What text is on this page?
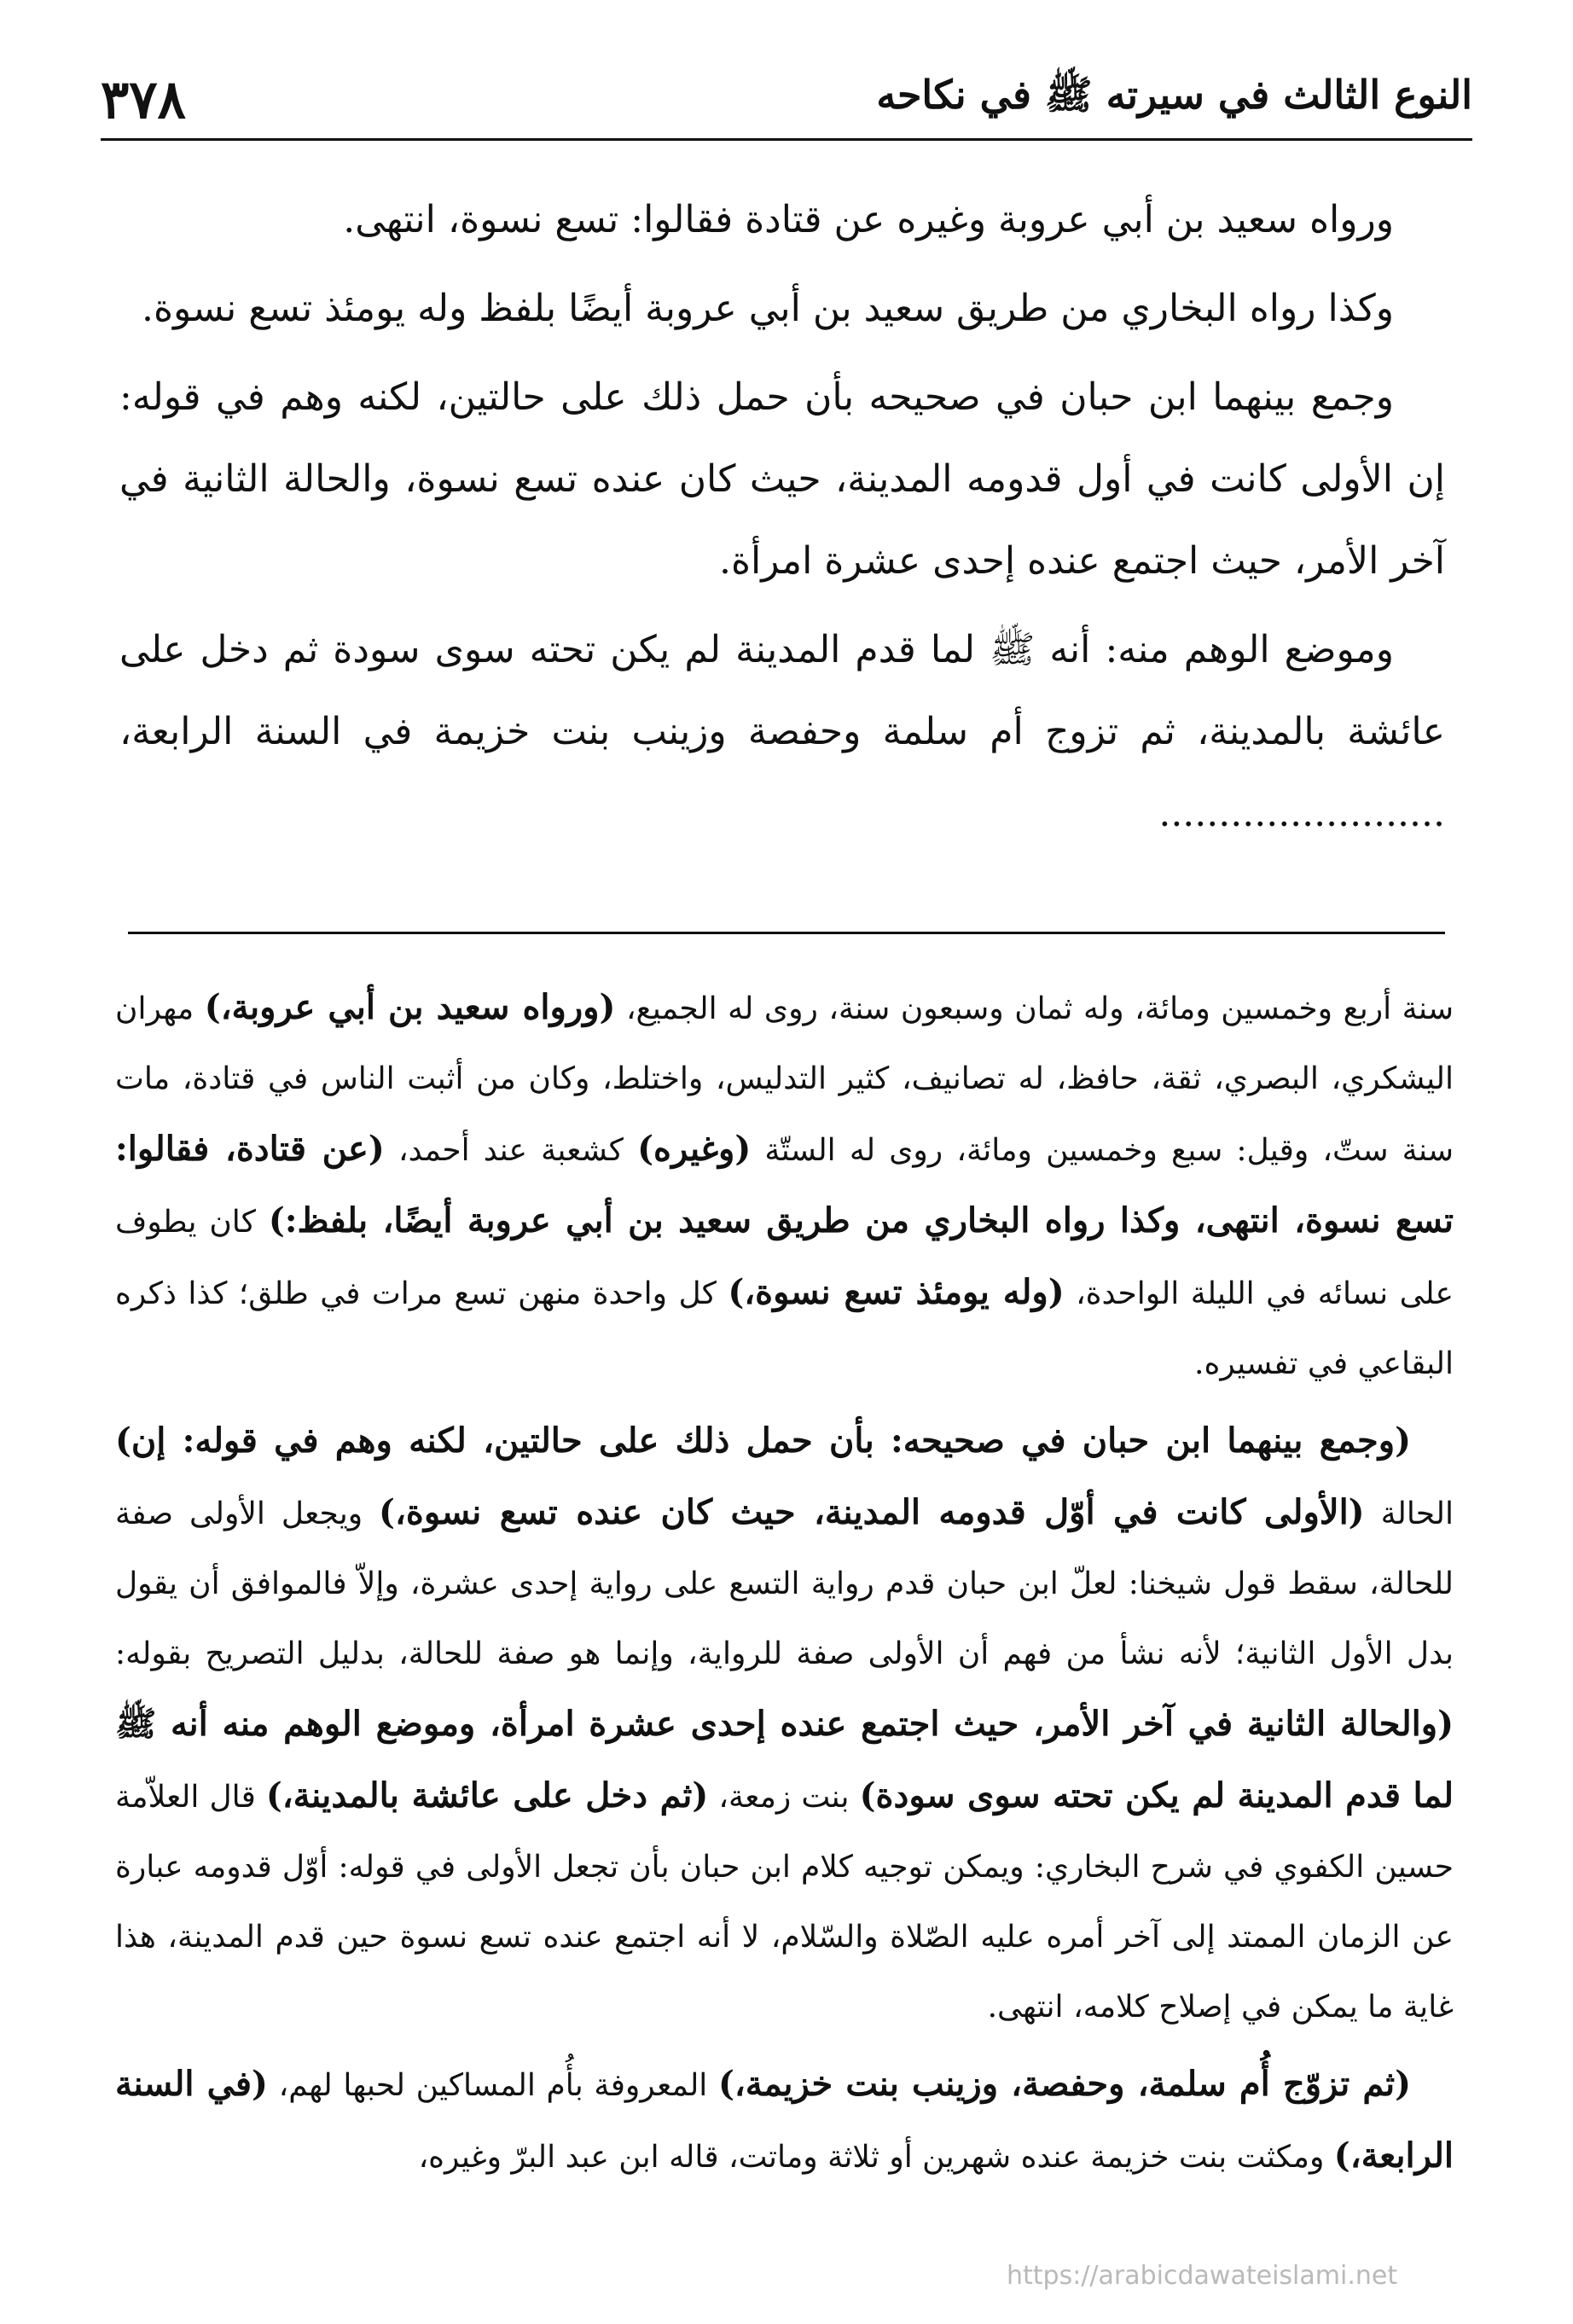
النوع الثالث في سيرته ﷺ في نكاحه
٣٧٨

ورواه سعيد بن أبي عروبة وغيره عن قتادة فقالوا: تسع نسوة، انتهى.

وكذا رواه البخاري من طريق سعيد بن أبي عروبة أيضًا بلفظ وله يومئذ تسع نسوة.

وجمع بينهما ابن حبان في صحيحه بأن حمل ذلك على حالتين، لكنه وهم في قوله: إن الأولى كانت في أول قدومه المدينة، حيث كان عنده تسع نسوة، والحالة الثانية في آخر الأمر، حيث اجتمع عنده إحدى عشرة امرأة.

وموضع الوهم منه: أنه ﷺ لما قدم المدينة لم يكن تحته سوى سودة ثم دخل على عائشة بالمدينة، ثم تزوج أم سلمة وحفصة وزينب بنت خزيمة في السنة الرابعة، ........................

سنة أربع وخمسين ومائة، وله ثمان وسبعون سنة، روى له الجميع، (ورواه سعيد بن أبي عروبة،) مهران اليشكري، البصري، ثقة، حافظ، له تصانيف، كثير التدليس، واختلط، وكان من أثبت الناس في قتادة، مات سنة ستّ، وقيل: سبع وخمسين ومائة، روى له الستّة (وغيره) كشعبة عند أحمد، (عن قتادة، فقالوا: تسع نسوة، انتهى، وكذا رواه البخاري من طريق سعيد بن أبي عروبة أيضًا، بلفظ:) كان يطوف على نسائه في الليلة الواحدة، (وله يومئذ تسع نسوة،) كل واحدة منهن تسع مرات في طلق؛ كذا ذكره البقاعي في تفسيره.

(وجمع بينهما ابن حبان في صحيحه: بأن حمل ذلك على حالتين، لكنه وهم في قوله: إن) الحالة (الأولى كانت في أوّل قدومه المدينة، حيث كان عنده تسع نسوة،) ويجعل الأولى صفة للحالة، سقط قول شيخنا: لعلّ ابن حبان قدم رواية التسع على رواية إحدى عشرة، وإلاّ فالموافق أن يقول بدل الأول الثانية؛ لأنه نشأ من فهم أن الأولى صفة للرواية، وإنما هو صفة للحالة، بدليل التصريح بقوله: (والحالة الثانية في آخر الأمر، حيث اجتمع عنده إحدى عشرة امرأة، وموضع الوهم منه أنه ﷺ لما قدم المدينة لم يكن تحته سوى سودة) بنت زمعة، (ثم دخل على عائشة بالمدينة،) قال العلاّمة حسين الكفوي في شرح البخاري: ويمكن توجيه كلام ابن حبان بأن تجعل الأولى في قوله: أوّل قدومه عبارة عن الزمان الممتد إلى آخر أمره عليه الصّلاة والسّلام، لا أنه اجتمع عنده تسع نسوة حين قدم المدينة، هذا غاية ما يمكن في إصلاح كلامه، انتهى.

(ثم تزوّج أُم سلمة، وحفصة، وزينب بنت خزيمة،) المعروفة بأُم المساكين لحبها لهم، (في السنة الرابعة،) ومكثت بنت خزيمة عنده شهرين أو ثلاثة وماتت، قاله ابن عبد البرّ وغيره،

https://arabicdawateislami.net
